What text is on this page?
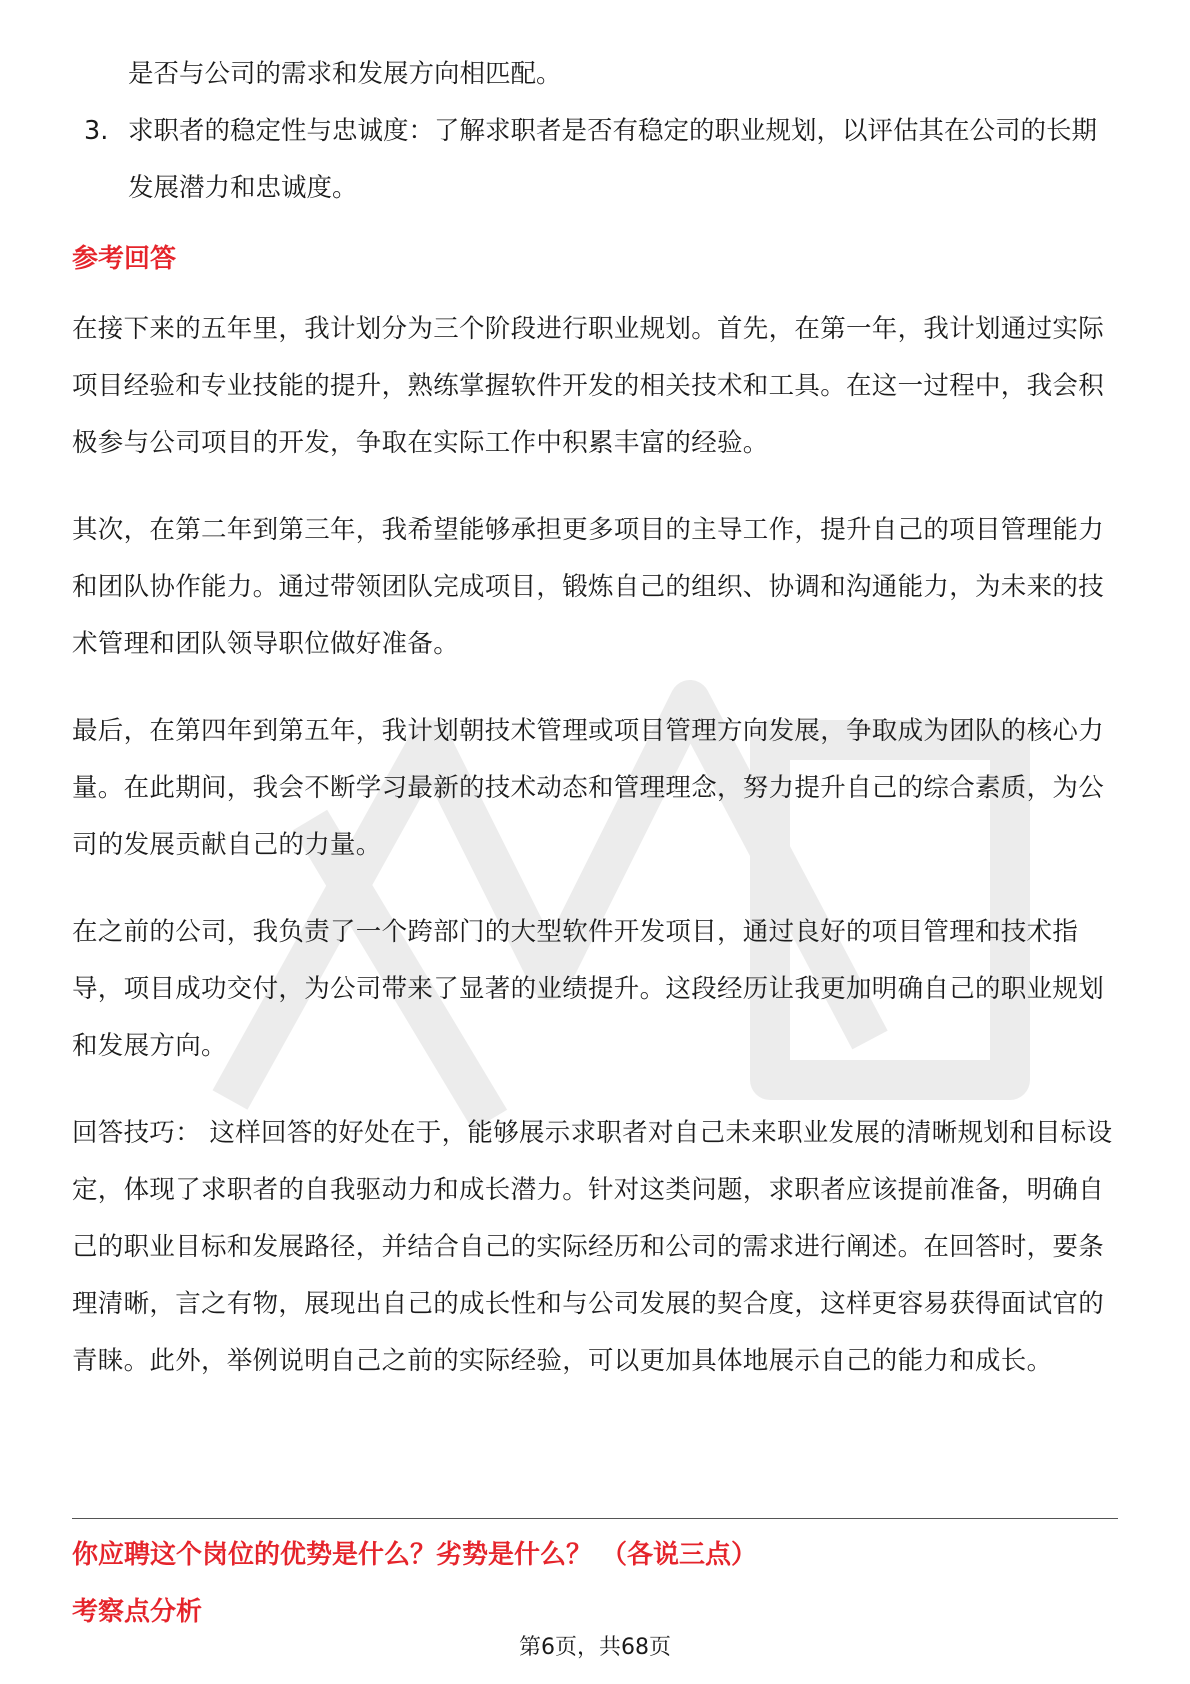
是否与公司的需求和发展方向相匹配。

3. 求职者的稳定性与忠诚度：了解求职者是否有稳定的职业规划，以评估其在公司的长期发展潜力和忠诚度。

参考回答

在接下来的五年里，我计划分为三个阶段进行职业规划。首先，在第一年，我计划通过实际项目经验和专业技能的提升，熟练掌握软件开发的相关技术和工具。在这一过程中，我会积极参与公司项目的开发，争取在实际工作中积累丰富的经验。

其次，在第二年到第三年，我希望能够承担更多项目的主导工作，提升自己的项目管理能力和团队协作能力。通过带领团队完成项目，锻炼自己的组织、协调和沟通能力，为未来的技术管理和团队领导职位做好准备。

最后，在第四年到第五年，我计划朝技术管理或项目管理方向发展，争取成为团队的核心力量。在此期间，我会不断学习最新的技术动态和管理理念，努力提升自己的综合素质，为公司的发展贡献自己的力量。

在之前的公司，我负责了一个跨部门的大型软件开发项目，通过良好的项目管理和技术指导，项目成功交付，为公司带来了显著的业绩提升。这段经历让我更加明确自己的职业规划和发展方向。

回答技巧： 这样回答的好处在于，能够展示求职者对自己未来职业发展的清晰规划和目标设定，体现了求职者的自我驱动力和成长潜力。针对这类问题，求职者应该提前准备，明确自己的职业目标和发展路径，并结合自己的实际经历和公司的需求进行阐述。在回答时，要条理清晰，言之有物，展现出自己的成长性和与公司发展的契合度，这样更容易获得面试官的青睐。此外，举例说明自己之前的实际经验，可以更加具体地展示自己的能力和成长。

你应聘这个岗位的优势是什么？劣势是什么？ （各说三点）

考察点分析

第6页，共68页
